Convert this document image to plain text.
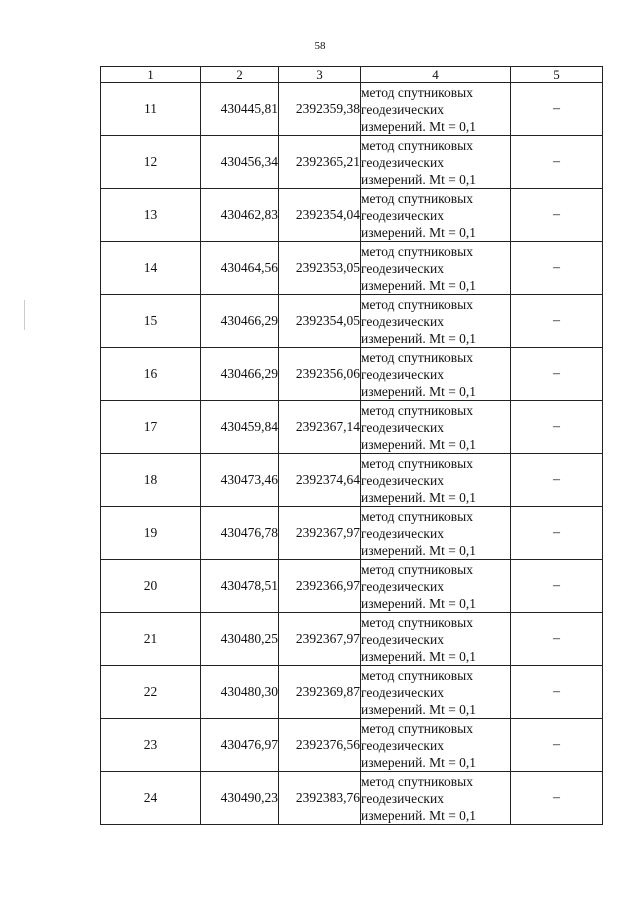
58
1	2	3	4	5
11	430445,81	2392359,38	метод спутниковых
геодезических
измерений. Mt = 0,1	–
12	430456,34	2392365,21	метод спутниковых
геодезических
измерений. Mt = 0,1	–
13	430462,83	2392354,04	метод спутниковых
геодезических
измерений. Mt = 0,1	–
14	430464,56	2392353,05	метод спутниковых
геодезических
измерений. Mt = 0,1	–
15	430466,29	2392354,05	метод спутниковых
геодезических
измерений. Mt = 0,1	–
16	430466,29	2392356,06	метод спутниковых
геодезических
измерений. Mt = 0,1	–
17	430459,84	2392367,14	метод спутниковых
геодезических
измерений. Mt = 0,1	–
18	430473,46	2392374,64	метод спутниковых
геодезических
измерений. Mt = 0,1	–
19	430476,78	2392367,97	метод спутниковых
геодезических
измерений. Mt = 0,1	–
20	430478,51	2392366,97	метод спутниковых
геодезических
измерений. Mt = 0,1	–
21	430480,25	2392367,97	метод спутниковых
геодезических
измерений. Mt = 0,1	–
22	430480,30	2392369,87	метод спутниковых
геодезических
измерений. Mt = 0,1	–
23	430476,97	2392376,56	метод спутниковых
геодезических
измерений. Mt = 0,1	–
24	430490,23	2392383,76	метод спутниковых
геодезических
измерений. Mt = 0,1	–
